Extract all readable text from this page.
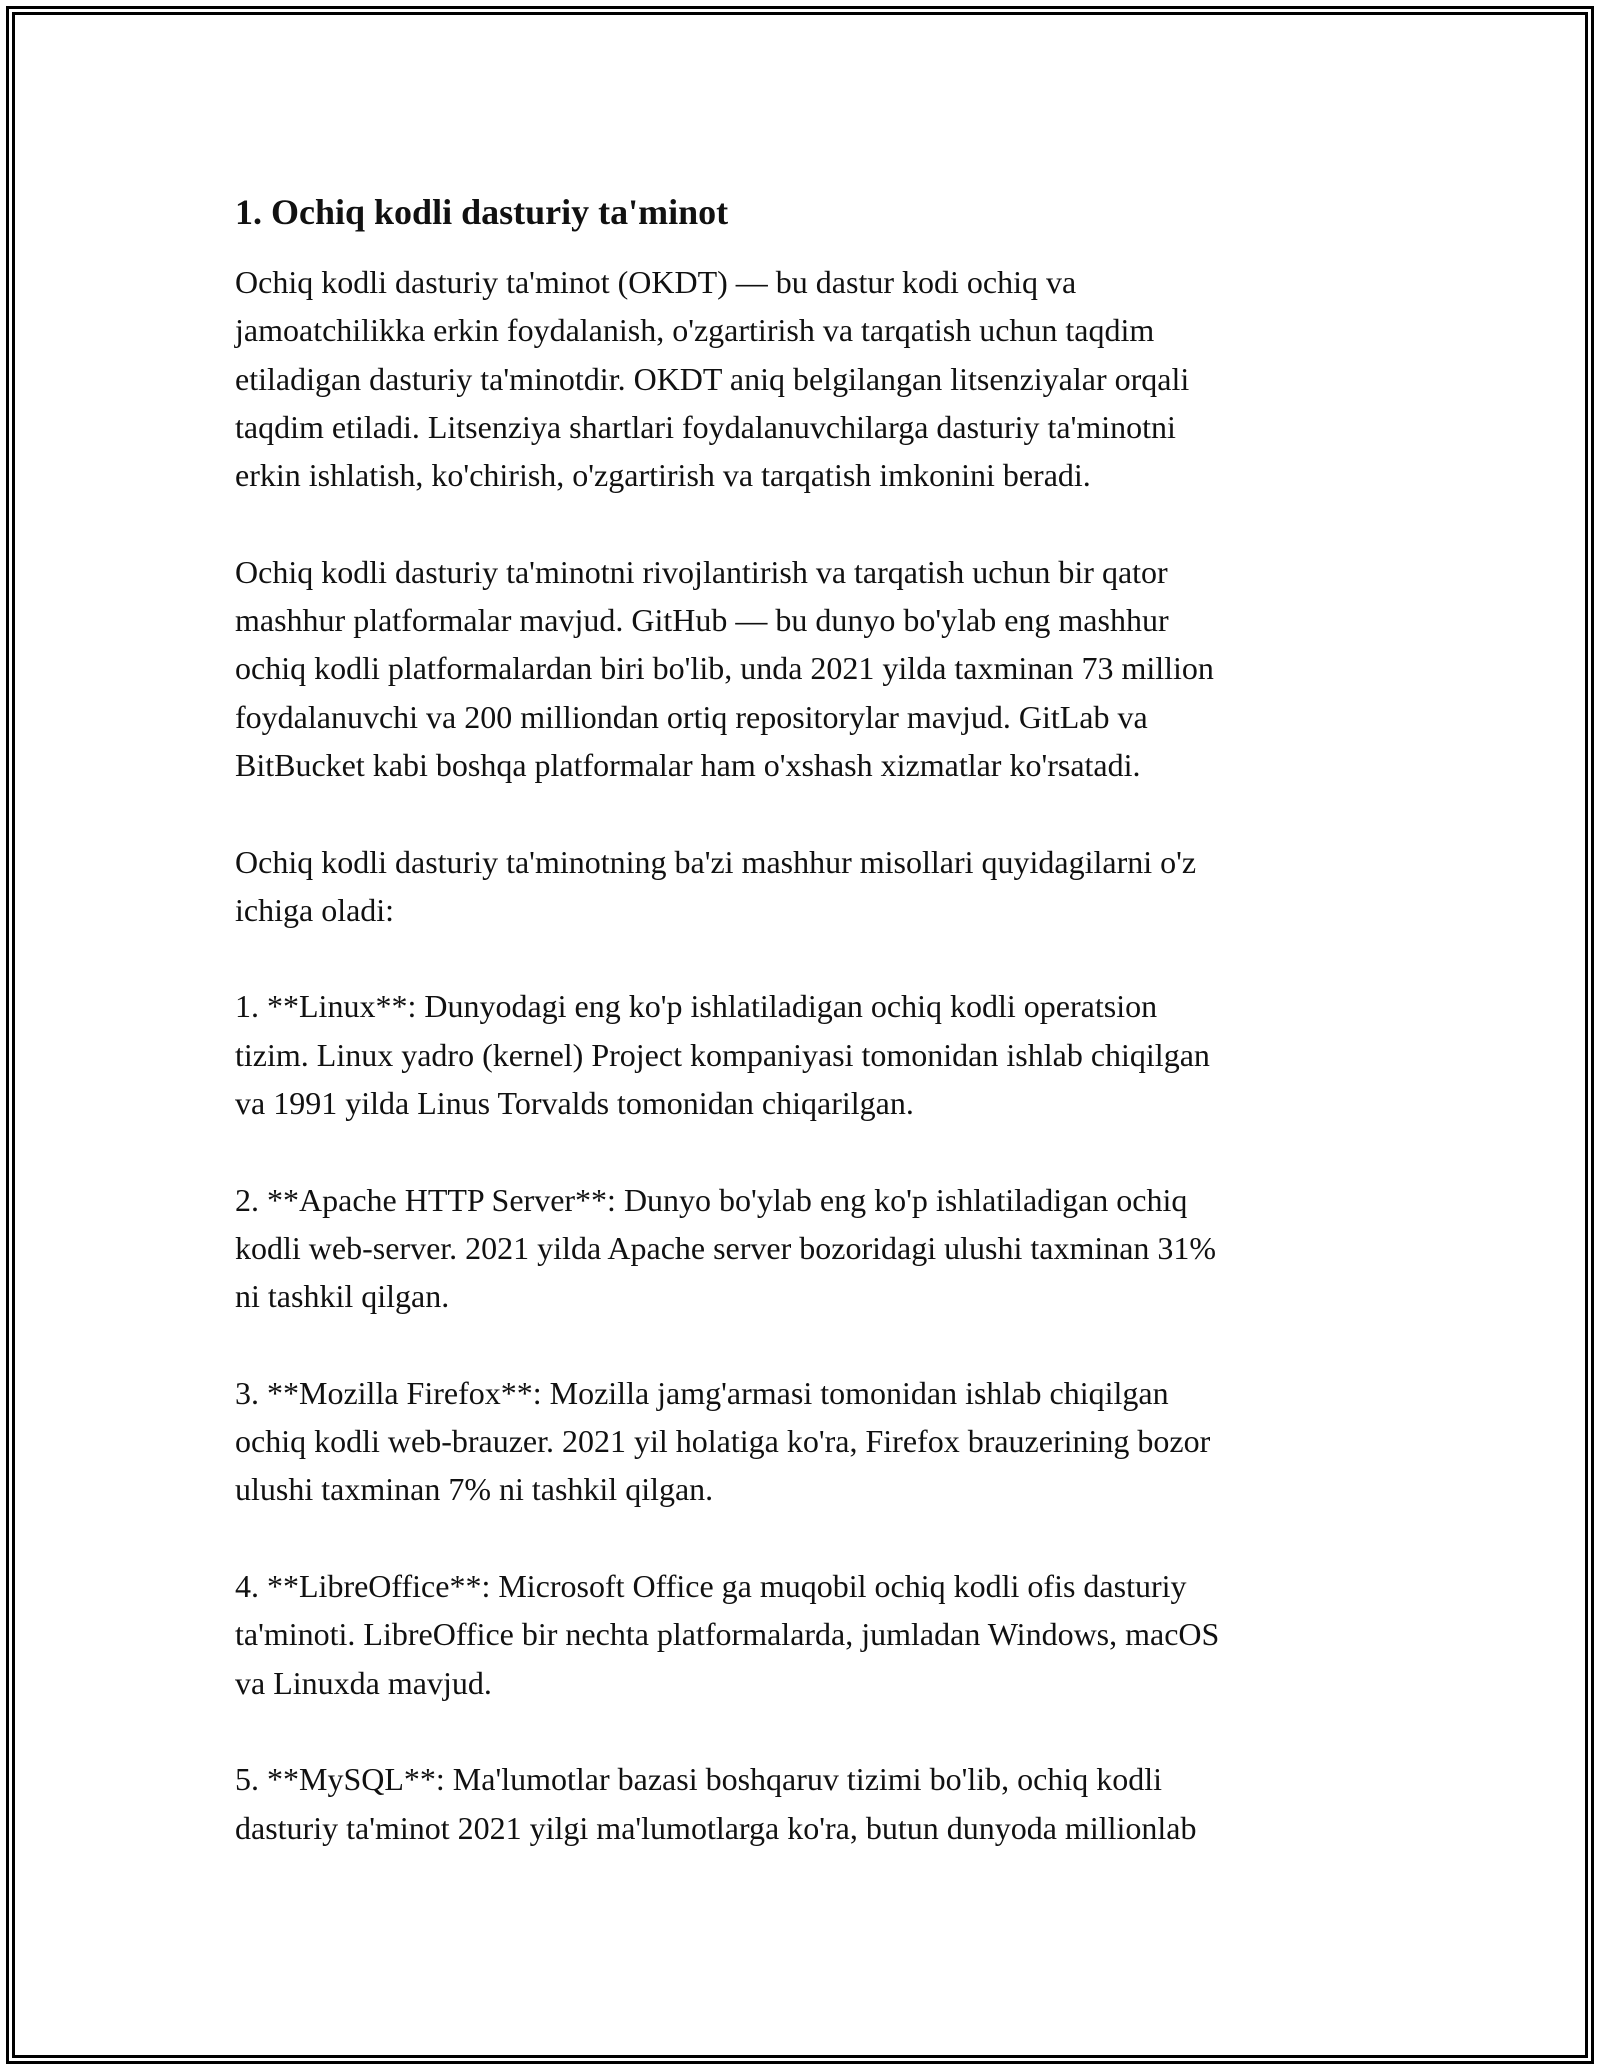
1. Ochiq kodli dasturiy ta'minot

Ochiq kodli dasturiy ta'minot (OKDT) — bu dastur kodi ochiq va
jamoatchilikka erkin foydalanish, o'zgartirish va tarqatish uchun taqdim
etiladigan dasturiy ta'minotdir. OKDT aniq belgilangan litsenziyalar orqali
taqdim etiladi. Litsenziya shartlari foydalanuvchilarga dasturiy ta'minotni
erkin ishlatish, ko'chirish, o'zgartirish va tarqatish imkonini beradi.

Ochiq kodli dasturiy ta'minotni rivojlantirish va tarqatish uchun bir qator
mashhur platformalar mavjud. GitHub — bu dunyo bo'ylab eng mashhur
ochiq kodli platformalardan biri bo'lib, unda 2021 yilda taxminan 73 million
foydalanuvchi va 200 milliondan ortiq repositorylar mavjud. GitLab va
BitBucket kabi boshqa platformalar ham o'xshash xizmatlar ko'rsatadi.

Ochiq kodli dasturiy ta'minotning ba'zi mashhur misollari quyidagilarni o'z
ichiga oladi:

1. **Linux**: Dunyodagi eng ko'p ishlatiladigan ochiq kodli operatsion
tizim. Linux yadro (kernel) Project kompaniyasi tomonidan ishlab chiqilgan
va 1991 yilda Linus Torvalds tomonidan chiqarilgan.

2. **Apache HTTP Server**: Dunyo bo'ylab eng ko'p ishlatiladigan ochiq
kodli web-server. 2021 yilda Apache server bozoridagi ulushi taxminan 31%
ni tashkil qilgan.

3. **Mozilla Firefox**: Mozilla jamg'armasi tomonidan ishlab chiqilgan
ochiq kodli web-brauzer. 2021 yil holatiga ko'ra, Firefox brauzerining bozor
ulushi taxminan 7% ni tashkil qilgan.

4. **LibreOffice**: Microsoft Office ga muqobil ochiq kodli ofis dasturiy
ta'minoti. LibreOffice bir nechta platformalarda, jumladan Windows, macOS
va Linuxda mavjud.

5. **MySQL**: Ma'lumotlar bazasi boshqaruv tizimi bo'lib, ochiq kodli
dasturiy ta'minot 2021 yilgi ma'lumotlarga ko'ra, butun dunyoda millionlab
